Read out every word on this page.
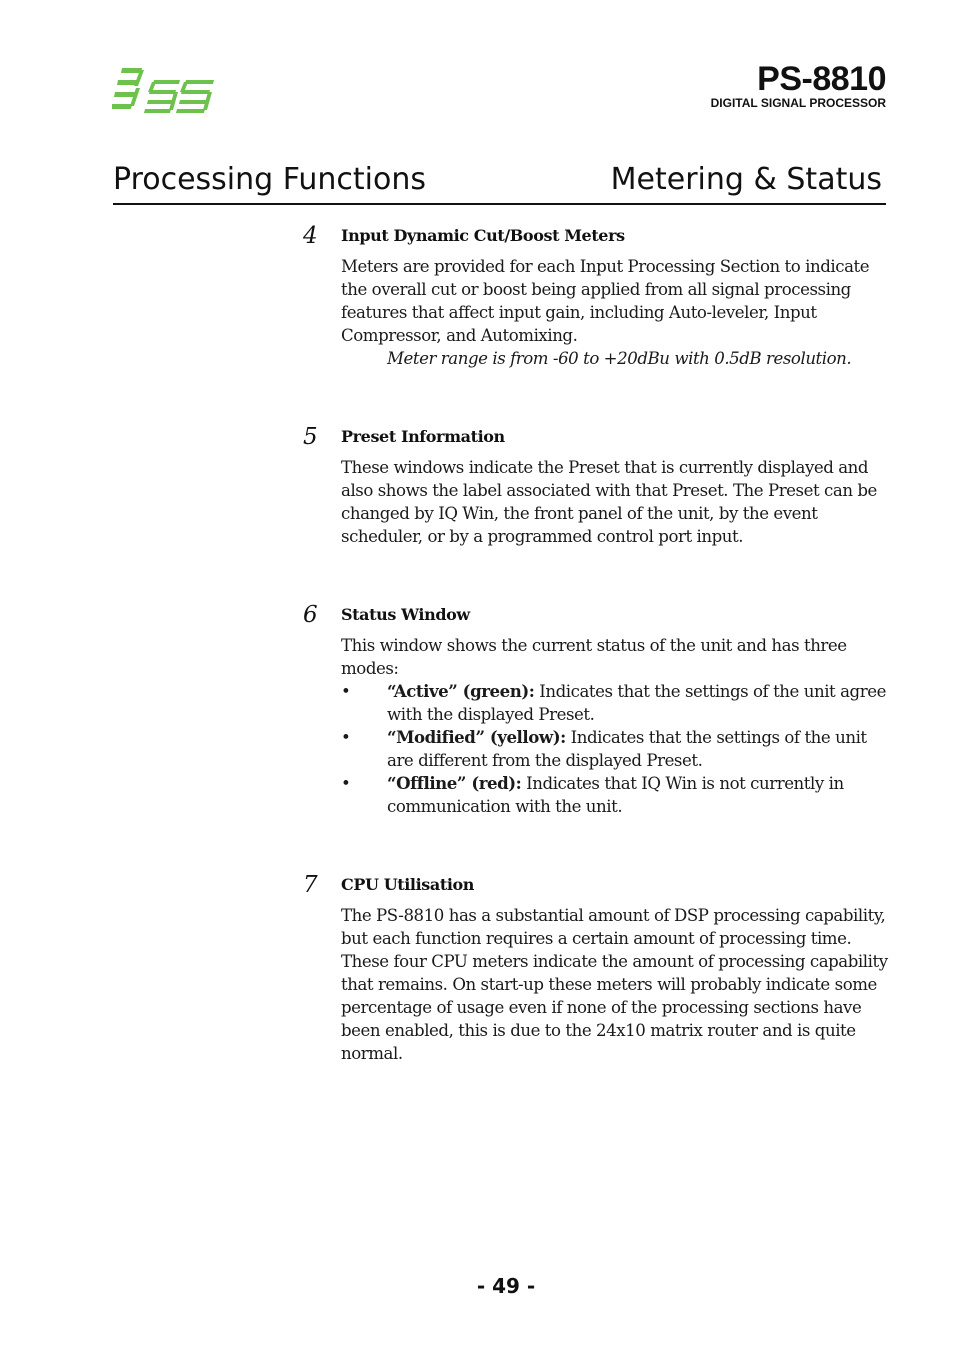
PS-8810
DIGITAL SIGNAL PROCESSOR
Processing Functions	Metering & Status
4	Input Dynamic Cut/Boost Meters

Meters are provided for each Input Processing Section to indicate the overall cut or boost being applied from all signal processing features that affect input gain, including Auto-leveler, Input Compressor, and Automixing.

Meter range is from -60 to +20dBu with 0.5dB resolution.

5	Preset Information

These windows indicate the Preset that is currently displayed and also shows the label associated with that Preset. The Preset can be changed by IQ Win, the front panel of the unit, by the event scheduler, or by a programmed control port input.

6	Status Window

This window shows the current status of the unit and has three modes:

• “Active” (green): Indicates that the settings of the unit agree with the displayed Preset.
• “Modified” (yellow): Indicates that the settings of the unit are different from the displayed Preset.
• “Offline” (red): Indicates that IQ Win is not currently in communication with the unit.
7	CPU Utilisation

The PS-8810 has a substantial amount of DSP processing capability, but each function requires a certain amount of processing time. These four CPU meters indicate the amount of processing capability that remains. On start-up these meters will probably indicate some percentage of usage even if none of the processing sections have been enabled, this is due to the 24x10 matrix router and is quite normal.

- 49 -
